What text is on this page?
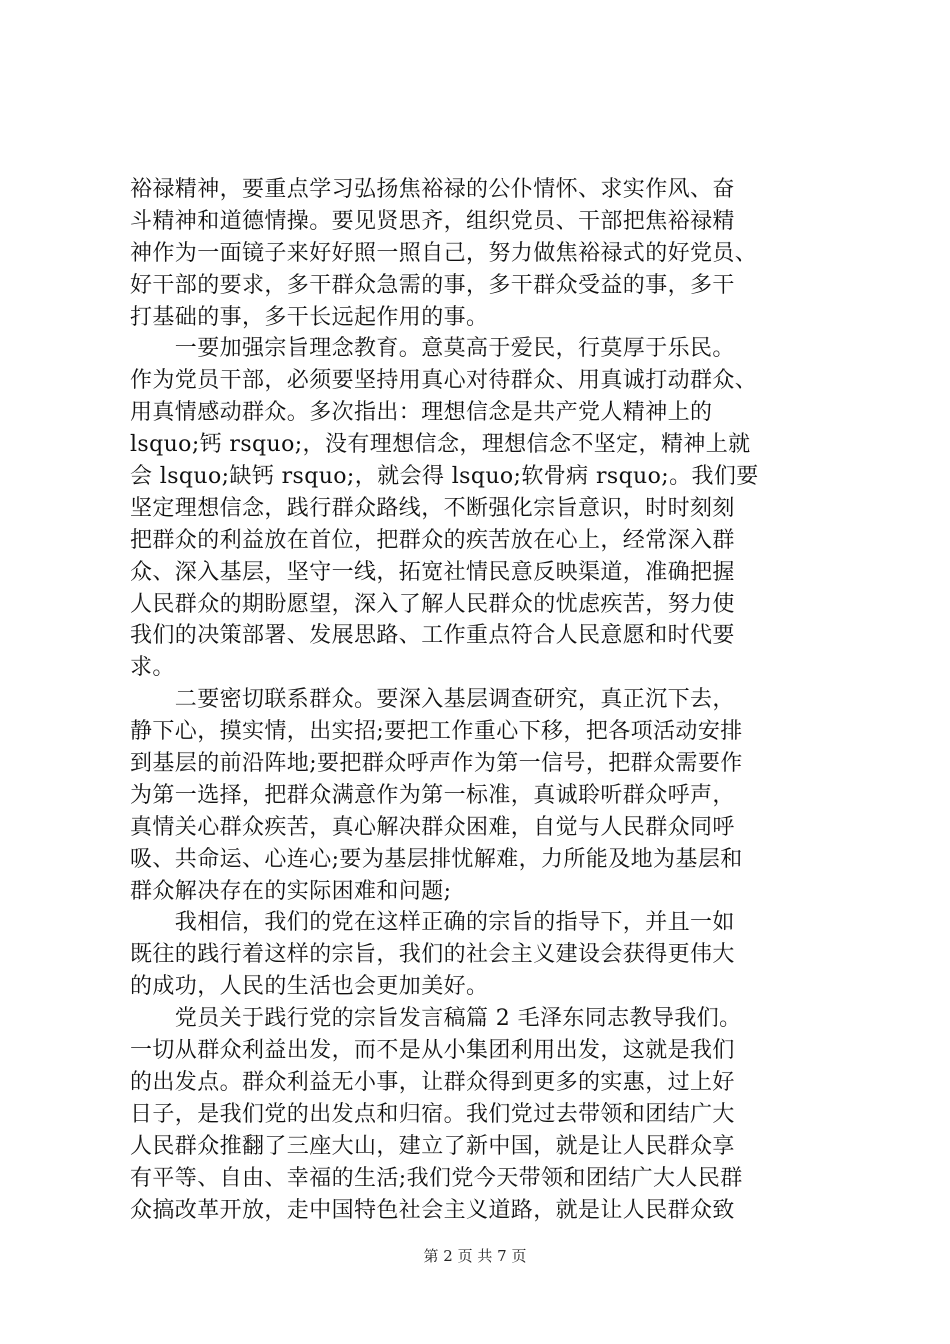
裕禄精神，要重点学习弘扬焦裕禄的公仆情怀、求实作风、奋
斗精神和道德情操。要见贤思齐，组织党员、干部把焦裕禄精
神作为一面镜子来好好照一照自己，努力做焦裕禄式的好党员、
好干部的要求，多干群众急需的事，多干群众受益的事，多干
打基础的事，多干长远起作用的事。
　　一要加强宗旨理念教育。意莫高于爱民，行莫厚于乐民。
作为党员干部，必须要坚持用真心对待群众、用真诚打动群众、
用真情感动群众。多次指出：理想信念是共产党人精神上的
lsquo;钙 rsquo;，没有理想信念，理想信念不坚定，精神上就
会 lsquo;缺钙 rsquo;，就会得 lsquo;软骨病 rsquo;。我们要
坚定理想信念，践行群众路线，不断强化宗旨意识，时时刻刻
把群众的利益放在首位，把群众的疾苦放在心上，经常深入群
众、深入基层，坚守一线，拓宽社情民意反映渠道，准确把握
人民群众的期盼愿望，深入了解人民群众的忧虑疾苦，努力使
我们的决策部署、发展思路、工作重点符合人民意愿和时代要
求。
　　二要密切联系群众。要深入基层调查研究，真正沉下去，
静下心，摸实情，出实招;要把工作重心下移，把各项活动安排
到基层的前沿阵地;要把群众呼声作为第一信号，把群众需要作
为第一选择，把群众满意作为第一标准，真诚聆听群众呼声，
真情关心群众疾苦，真心解决群众困难，自觉与人民群众同呼
吸、共命运、心连心;要为基层排忧解难，力所能及地为基层和
群众解决存在的实际困难和问题;
　　我相信，我们的党在这样正确的宗旨的指导下，并且一如
既往的践行着这样的宗旨，我们的社会主义建设会获得更伟大
的成功，人民的生活也会更加美好。
　　党员关于践行党的宗旨发言稿篇 2 毛泽东同志教导我们。
一切从群众利益出发，而不是从小集团利用出发，这就是我们
的出发点。群众利益无小事，让群众得到更多的实惠，过上好
日子，是我们党的出发点和归宿。我们党过去带领和团结广大
人民群众推翻了三座大山，建立了新中国，就是让人民群众享
有平等、自由、幸福的生活;我们党今天带领和团结广大人民群
众搞改革开放，走中国特色社会主义道路，就是让人民群众致
第 2 页 共 7 页
